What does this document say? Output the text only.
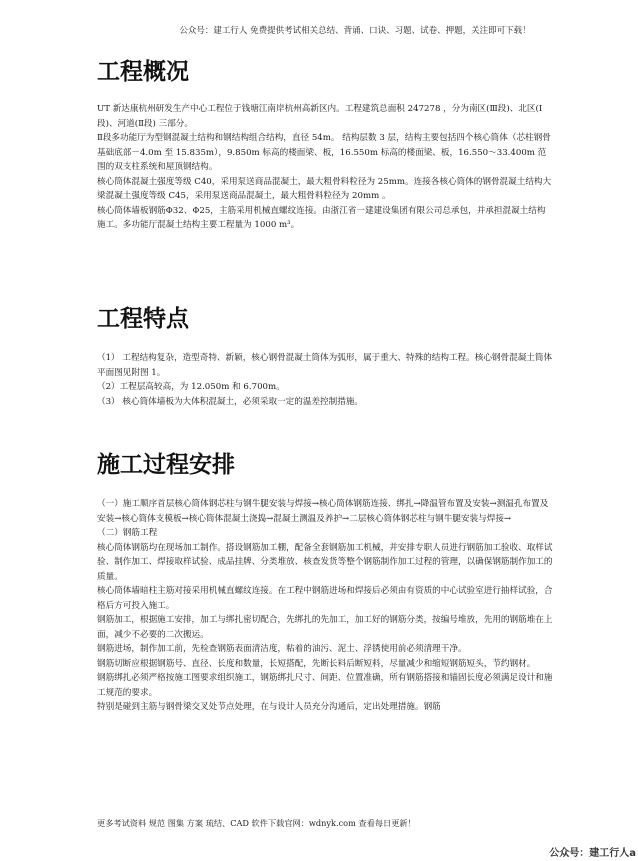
公众号：建工行人 免费提供考试相关总结、背诵、口诀、习题、试卷、押题，关注即可下载！
工程概况

UT 新达康杭州研发生产中心工程位于钱塘江南岸杭州高新区内。工程建筑总面积 247278 ，分为南区(Ⅲ段)、北区(Ⅰ段)、河道(Ⅱ段) 三部分。

Ⅱ段多功能厅为型钢混凝土结构和钢结构组合结构，直径 54m。 结构层数 3 层，结构主要包括四个核心筒体（芯柱钢骨基础底部－4.0m 至 15.835m），9.850m 标高的楼面梁、板，16.550m 标高的楼面梁、板，16.550～33.400m 范围的双支柱系统和屋顶钢结构。

核心筒体混凝土强度等级 C40，采用泵送商品混凝土，最大粗骨料粒径为 25mm。连接各核心筒体的钢骨混凝土结构大梁混凝土强度等级 C45，采用泵送商品混凝土，最大粗骨料粒径为 20mm 。

核心筒体墙板钢筋Φ32、Φ25，主筋采用机械直螺纹连接。由浙江省一建建设集团有限公司总承包，并承担混凝土结构施工。多功能厅混凝土结构主要工程量为 1000 m³。

工程特点

（1） 工程结构复杂，造型奇特、新颖，核心钢骨混凝土筒体为弧形，属于重大、特殊的结构工程。核心钢骨混凝土筒体平面图见附图 1。

（2）工程层高较高，为 12.050m 和 6.700m。

（3） 核心筒体墙板为大体积混凝土，必须采取一定的温差控制措施。

施工过程安排

（一）施工顺序首层核心筒体钢芯柱与钢牛腿安装与焊接→核心筒体钢筋连接、绑扎→降温管布置及安装→测温孔布置及安装→核心筒体支模板→核心筒体混凝土浇捣→混凝土测温及养护→二层核心筒体钢芯柱与钢牛腿安装与焊接→

（二）钢筋工程

核心筒体钢筋均在现场加工制作。搭设钢筋加工棚，配备全套钢筋加工机械，并安排专职人员进行钢筋加工验收、取样试验、制作加工、焊接取样试验、成品挂牌、分类堆放、核查发货等整个钢筋制作加工过程的管理，以确保钢筋制作加工的质量。

核心筒体墙暗柱主筋对接采用机械直螺纹连接。在工程中钢筋进场和焊接后必须由有资质的中心试验室进行抽样试验，合格后方可投入施工。

钢筋加工，根据施工安排，加工与绑扎密切配合，先绑扎的先加工，加工好的钢筋分类，按编号堆放，先用的钢筋堆在上面，减少不必要的二次搬运。

钢筋进场，制作加工前，先检查钢筋表面清洁度，粘着的油污、泥土、浮锈使用前必须清理干净。

钢筋切断应根据钢筋号、直径、长度和数量，长短搭配，先断长料后断短料，尽量减少和缩短钢筋短头，节约钢材。

钢筋绑扎必须严格按施工图要求组织施工，钢筋绑扎尺寸、间距、位置准确，所有钢筋搭接和锚固长度必须满足设计和施工规范的要求。

特别是碰到主筋与钢骨梁交叉处节点处理，在与设计人员充分沟通后，定出处理措施。钢筋

更多考试资料 规范 图集 方案 琉结、CAD 软件下载官网：wdnyk.com 查看每日更新！
公众号：建工行人a
